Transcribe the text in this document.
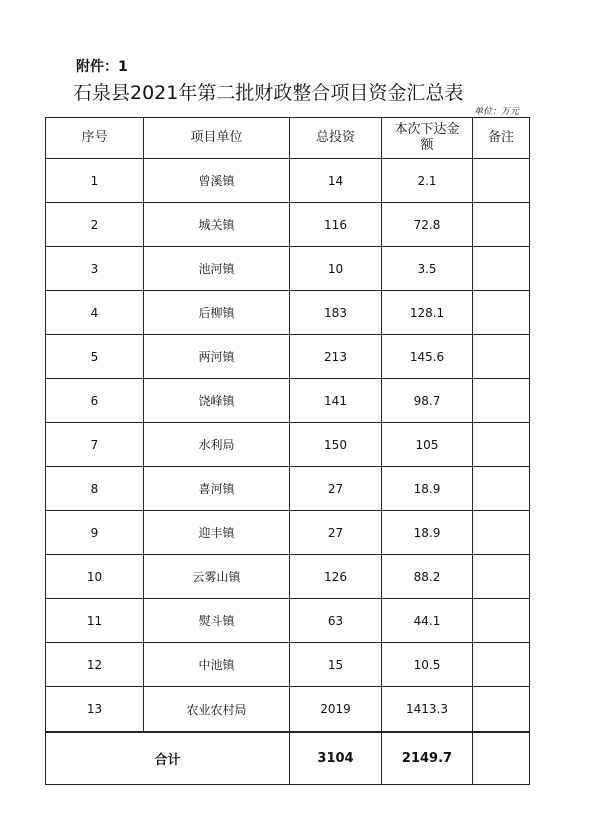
附件：1
石泉县2021年第二批财政整合项目资金汇总表
单位：万元
序号	项目单位	总投资	本次下达金额	备注
1	曾溪镇	14	2.1	
2	城关镇	116	72.8	
3	池河镇	10	3.5	
4	后柳镇	183	128.1	
5	两河镇	213	145.6	
6	饶峰镇	141	98.7	
7	水利局	150	105	
8	喜河镇	27	18.9	
9	迎丰镇	27	18.9	
10	云雾山镇	126	88.2	
11	熨斗镇	63	44.1	
12	中池镇	15	10.5	
13	农业农村局	2019	1413.3	
合计		3104	2149.7	
